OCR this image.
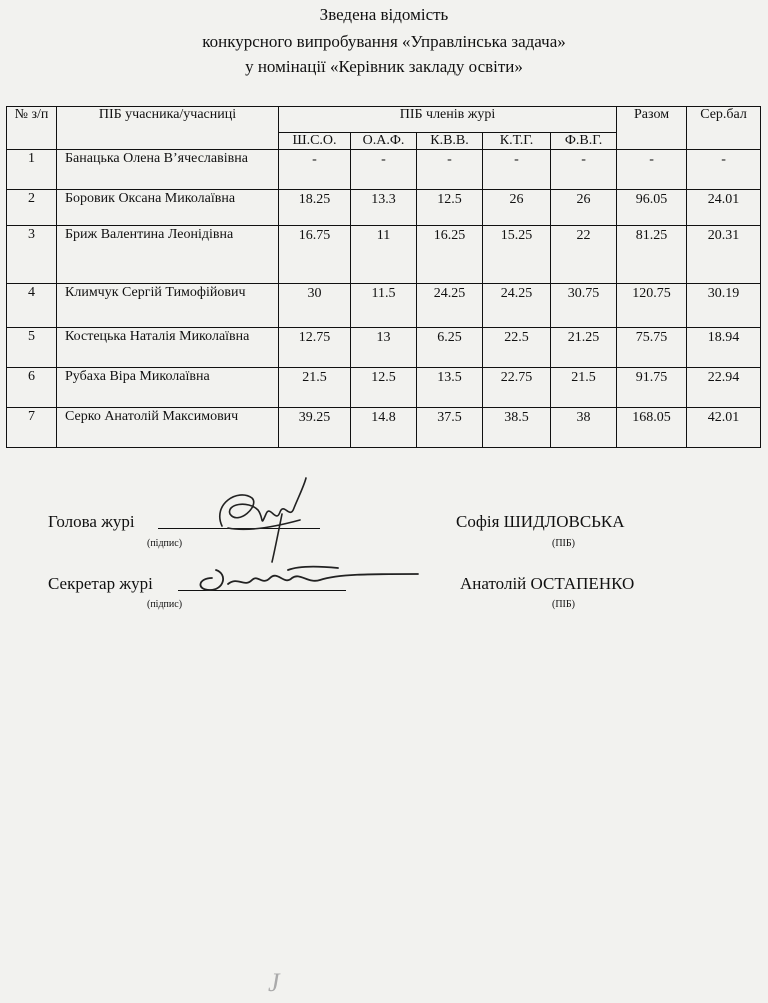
Зведена відомість
конкурсного випробування «Управлінська задача»
у номінації «Керівник закладу освіти»
№ з/п	ПІБ учасника/учасниці	ПІБ членів журі					Разом	Сер.бал
		Ш.С.О.	О.А.Ф.	К.В.В.	К.Т.Г.	Ф.В.Г.		
1	Банацька Олена В’ячеславівна	-	-	-	-	-	-	-
2	Боровик Оксана Миколаївна	18.25	13.3	12.5	26	26	96.05	24.01
3	Бриж Валентина Леонідівна	16.75	11	16.25	15.25	22	81.25	20.31
4	Климчук Сергій Тимофійович	30	11.5	24.25	24.25	30.75	120.75	30.19
5	Костецька Наталія Миколаївна	12.75	13	6.25	22.5	21.25	75.75	18.94
6	Рубаха Віра Миколаївна	21.5	12.5	13.5	22.75	21.5	91.75	22.94
7	Серко Анатолій Максимович	39.25	14.8	37.5	38.5	38	168.05	42.01
Голова журі
(підпис)
Софія ШИДЛОВСЬКА
(ПІБ)
Секретар журі
(підпис)
Анатолій ОСТАПЕНКО
(ПІБ)
J
